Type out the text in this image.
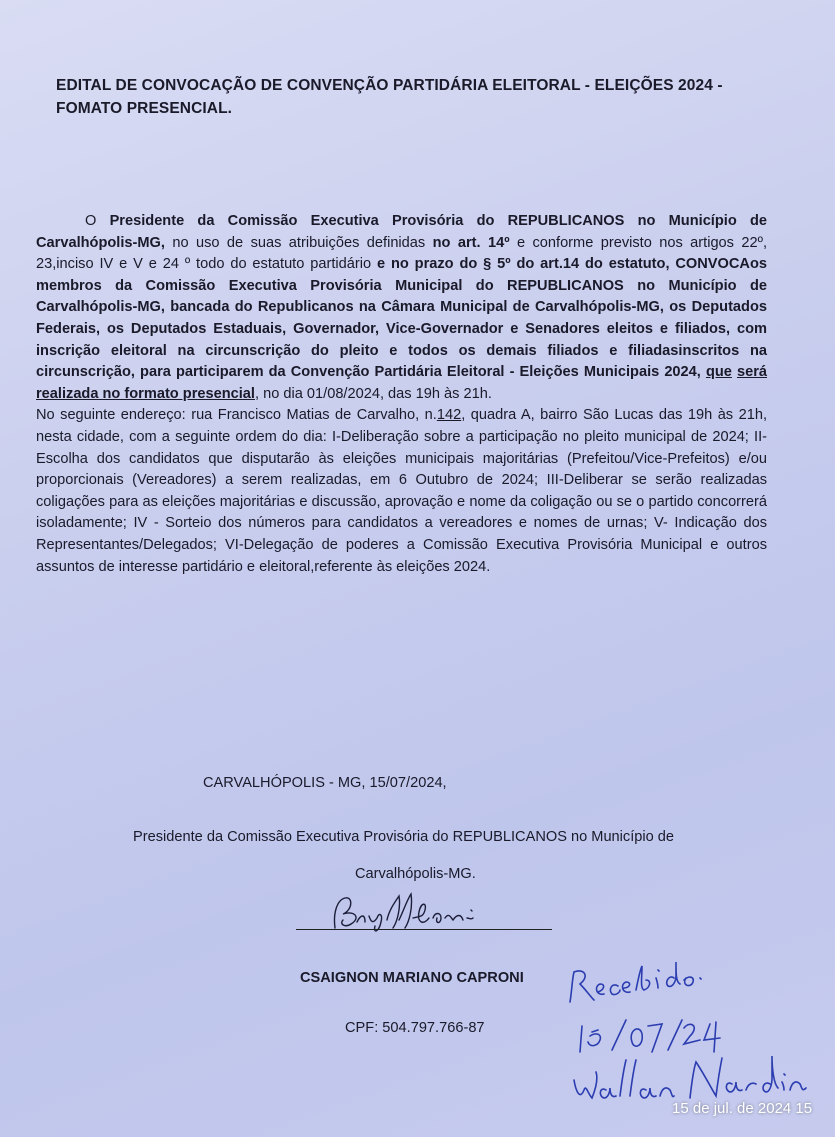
EDITAL DE CONVOCAÇÃO DE CONVENÇÃO PARTIDÁRIA ELEITORAL - ELEIÇÕES 2024 - FOMATO PRESENCIAL.

O Presidente da Comissão Executiva Provisória do REPUBLICANOS no Município de Carvalhópolis-MG, no uso de suas atribuições definidas no art. 14º e conforme previsto nos artigos 22º, 23,inciso IV e V e 24 º todo do estatuto partidário e no prazo do § 5º do art.14 do estatuto, CONVOCAos membros da Comissão Executiva Provisória Municipal do REPUBLICANOS no Município de Carvalhópolis-MG, bancada do Republicanos na Câmara Municipal de Carvalhópolis-MG, os Deputados Federais, os Deputados Estaduais, Governador, Vice-Governador e Senadores eleitos e filiados, com inscrição eleitoral na circunscrição do pleito e todos os demais filiados e filiadasinscritos na circunscrição, para participarem da Convenção Partidária Eleitoral - Eleições Municipais 2024, que será realizada no formato presencial, no dia 01/08/2024, das 19h às 21h.

No seguinte endereço: rua Francisco Matias de Carvalho, n.142, quadra A, bairro São Lucas das 19h às 21h, nesta cidade, com a seguinte ordem do dia: I-Deliberação sobre a participação no pleito municipal de 2024; II-Escolha dos candidatos que disputarão às eleições municipais majoritárias (Prefeitou/Vice-Prefeitos) e/ou proporcionais (Vereadores) a serem realizadas, em 6 Outubro de 2024; III-Deliberar se serão realizadas coligações para as eleições majoritárias e discussão, aprovação e nome da coligação ou se o partido concorrerá isoladamente; IV - Sorteio dos números para candidatos a vereadores e nomes de urnas; V- Indicação dos Representantes/Delegados; VI-Delegação de poderes a Comissão Executiva Provisória Municipal e outros assuntos de interesse partidário e eleitoral,referente às eleições 2024.

CARVALHÓPOLIS - MG, 15/07/2024,
Presidente da Comissão Executiva Provisória do REPUBLICANOS no Município de
Carvalhópolis-MG.
CSAIGNON MARIANO CAPRONI
CPF: 504.797.766-87
15 de jul. de 2024 15
